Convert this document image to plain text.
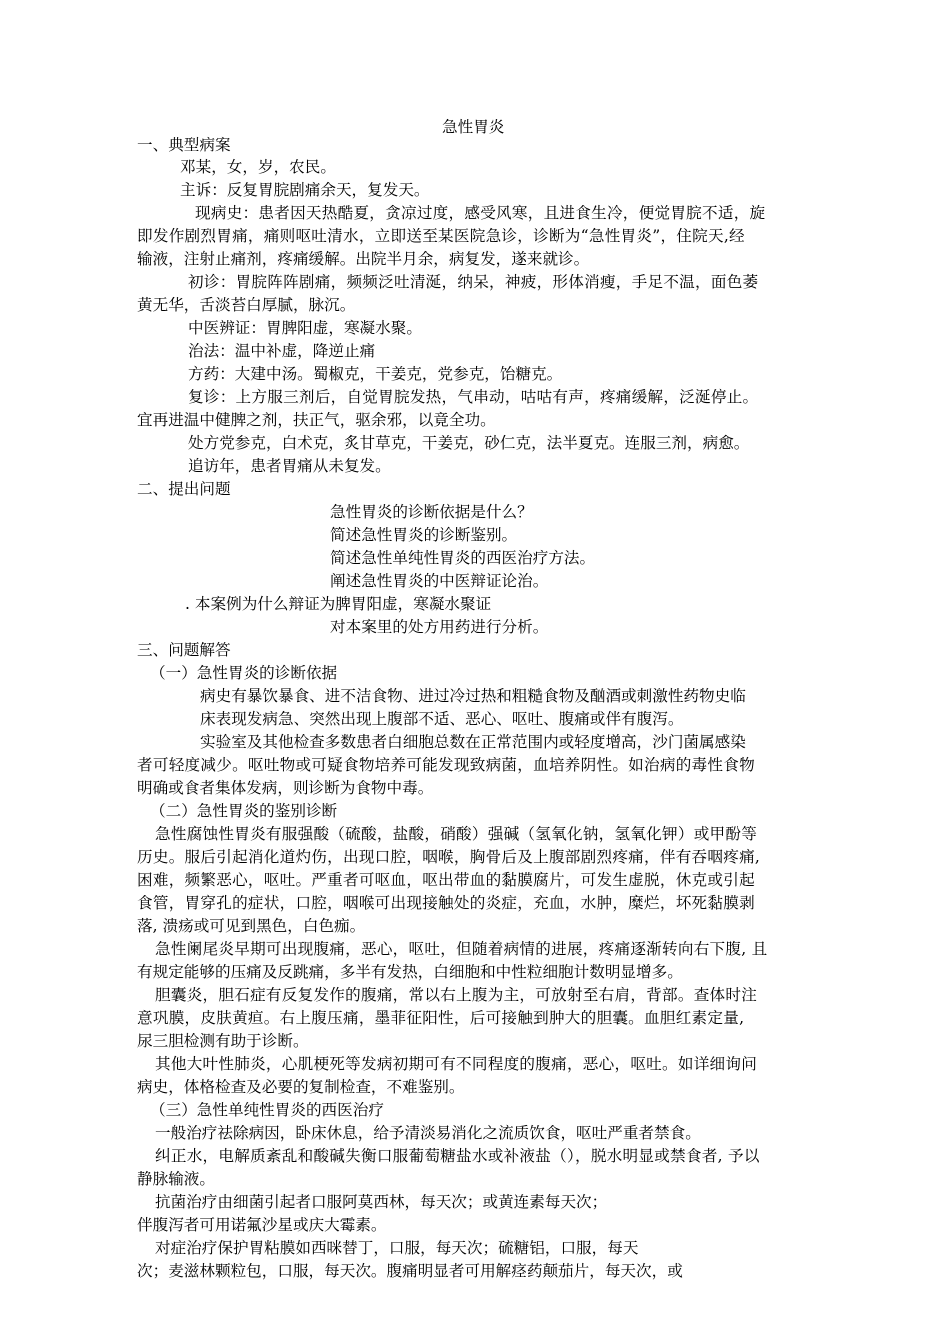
急性胃炎
一、典型病案
邓某，女，岁，农民。
主诉：反复胃脘剧痛余天，复发天。
现病史：患者因天热酷夏，贪凉过度，感受风寒，且进食生冷，便觉胃脘不适，旋
即发作剧烈胃痛，痛则呕吐清水，立即送至某医院急诊，诊断为“急性胃炎”，住院天,经
输液，注射止痛剂，疼痛缓解。出院半月余，病复发，遂来就诊。
初诊：胃脘阵阵剧痛，频频泛吐清涎，纳呆，神疲，形体消瘦，手足不温，面色萎
黄无华，舌淡苔白厚腻，脉沉。
中医辨证：胃脾阳虚，寒凝水聚。
治法：温中补虚，降逆止痛
方药：大建中汤。蜀椒克，干姜克，党参克，饴糖克。
复诊：上方服三剂后，自觉胃脘发热，气串动，咕咕有声，疼痛缓解，泛涎停止。
宜再进温中健脾之剂，扶正气，驱余邪，以竟全功。
处方党参克，白术克，炙甘草克，干姜克，砂仁克，法半夏克。连服三剂，病愈。
追访年，患者胃痛从未复发。
二、提出问题
急性胃炎的诊断依据是什么？
简述急性胃炎的诊断鉴别。
简述急性单纯性胃炎的西医治疗方法。
阐述急性胃炎的中医辩证论治。
. 本案例为什么辩证为脾胃阳虚，寒凝水聚证
对本案里的处方用药进行分析。
三、问题解答
（一）急性胃炎的诊断依据
病史有暴饮暴食、进不洁食物、进过冷过热和粗糙食物及酗酒或刺激性药物史临
床表现发病急、突然出现上腹部不适、恶心、呕吐、腹痛或伴有腹泻。
实验室及其他检查多数患者白细胞总数在正常范围内或轻度增高，沙门菌属感染
者可轻度减少。呕吐物或可疑食物培养可能发现致病菌，血培养阴性。如治病的毒性食物
明确或食者集体发病，则诊断为食物中毒。
（二）急性胃炎的鉴别诊断
急性腐蚀性胃炎有服强酸（硫酸，盐酸，硝酸）强碱（氢氧化钠，氢氧化钾）或甲酚等
历史。服后引起消化道灼伤，出现口腔，咽喉，胸骨后及上腹部剧烈疼痛，伴有吞咽疼痛,
困难，频繁恶心，呕吐。严重者可呕血，呕出带血的黏膜腐片，可发生虚脱，休克或引起
食管，胃穿孔的症状，口腔，咽喉可出现接触处的炎症，充血，水肿，糜烂，坏死黏膜剥
落, 溃疡或可见到黑色，白色痂。
急性阑尾炎早期可出现腹痛，恶心，呕吐，但随着病情的进展，疼痛逐渐转向右下腹, 且
有规定能够的压痛及反跳痛，多半有发热，白细胞和中性粒细胞计数明显增多。
胆囊炎，胆石症有反复发作的腹痛，常以右上腹为主，可放射至右肩，背部。查体时注
意巩膜，皮肤黄疸。右上腹压痛，墨菲征阳性，后可接触到肿大的胆囊。血胆红素定量,
尿三胆检测有助于诊断。
其他大叶性肺炎，心肌梗死等发病初期可有不同程度的腹痛，恶心，呕吐。如详细询问
病史，体格检查及必要的复制检查，不难鉴别。
（三）急性单纯性胃炎的西医治疗
一般治疗祛除病因，卧床休息，给予清淡易消化之流质饮食，呕吐严重者禁食。
纠正水，电解质紊乱和酸碱失衡口服葡萄糖盐水或补液盐（），脱水明显或禁食者, 予以
静脉输液。
抗菌治疗由细菌引起者口服阿莫西林，每天次；或黄连素每天次；
伴腹泻者可用诺氟沙星或庆大霉素。
对症治疗保护胃粘膜如西咪替丁，口服，每天次；硫糖铝，口服，每天
次；麦滋林颗粒包，口服，每天次。腹痛明显者可用解痉药颠茄片，每天次，或
